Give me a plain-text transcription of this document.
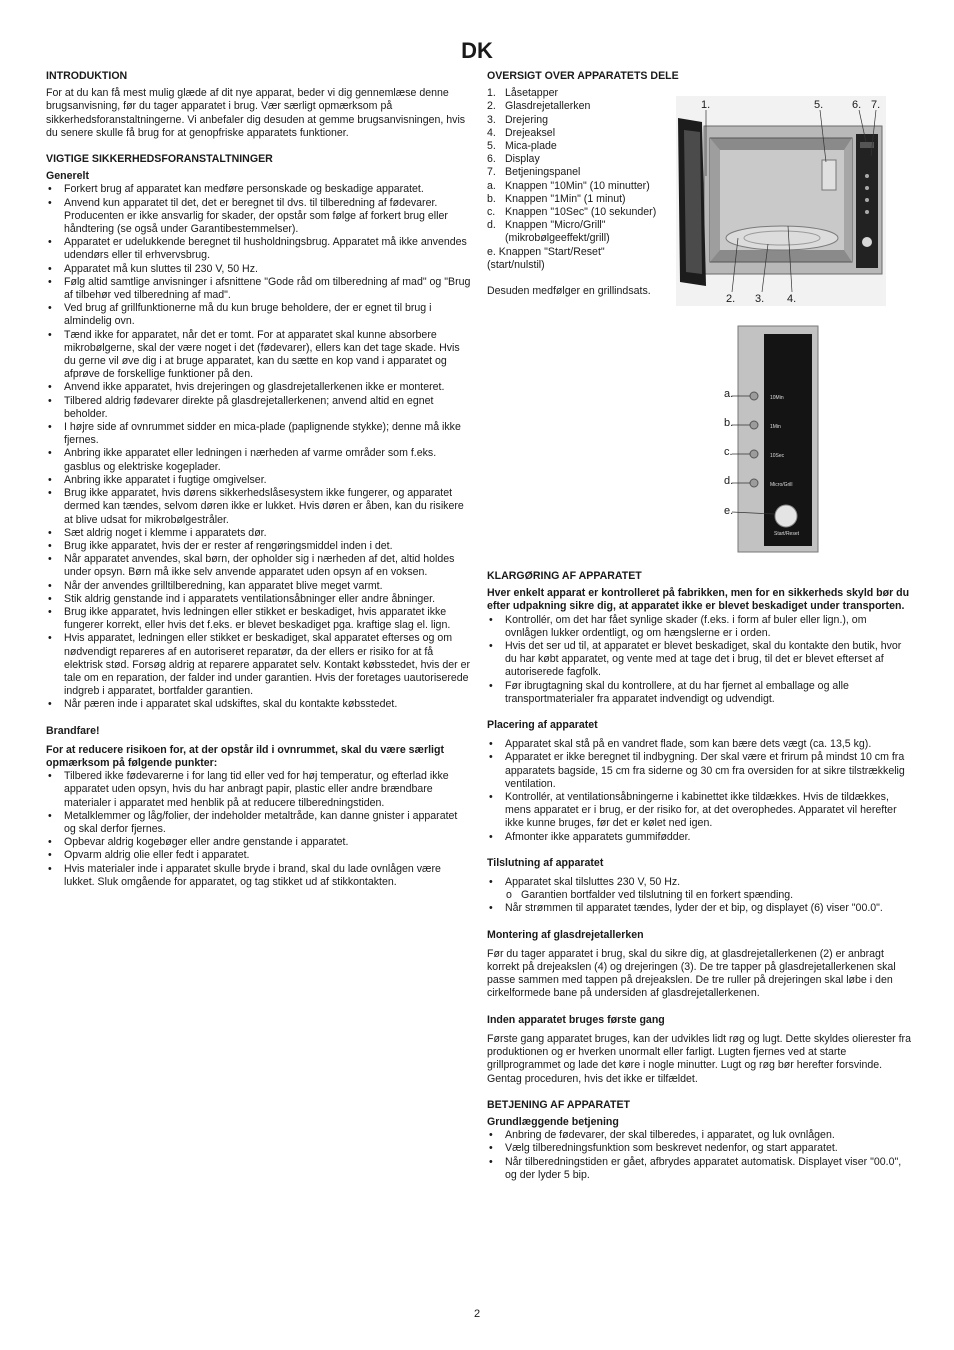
DK
INTRODUKTION

For at du kan få mest mulig glæde af dit nye apparat, beder vi dig gennemlæse denne brugsanvisning, før du tager apparatet i brug. Vær særligt opmærksom på sikkerhedsforanstaltningerne. Vi anbefaler dig desuden at gemme brugsanvisningen, hvis du senere skulle få brug for at genopfriske apparatets funktioner.

VIGTIGE SIKKERHEDSFORANSTALTNINGER
Generelt
• Forkert brug af apparatet kan medføre personskade og beskadige apparatet.
• Anvend kun apparatet til det, det er beregnet til dvs. til tilberedning af fødevarer. Producenten er ikke ansvarlig for skader, der opstår som følge af forkert brug eller håndtering (se også under Garantibestemmelser).
• Apparatet er udelukkende beregnet til husholdningsbrug. Apparatet må ikke anvendes udendørs eller til erhvervsbrug.
• Apparatet må kun sluttes til 230 V, 50 Hz.
• Følg altid samtlige anvisninger i afsnittene "Gode råd om tilberedning af mad" og "Brug af tilbehør ved tilberedning af mad".
• Ved brug af grillfunktionerne må du kun bruge beholdere, der er egnet til brug i almindelig ovn.
• Tænd ikke for apparatet, når det er tomt. For at apparatet skal kunne absorbere mikrobølgerne, skal der være noget i det (fødevarer), ellers kan det tage skade. Hvis du gerne vil øve dig i at bruge apparatet, kan du sætte en kop vand i apparatet og afprøve de forskellige funktioner på den.
• Anvend ikke apparatet, hvis drejeringen og glasdrejetallerkenen ikke er monteret.
• Tilbered aldrig fødevarer direkte på glasdrejetallerkenen; anvend altid en egnet beholder.
• I højre side af ovnrummet sidder en mica-plade (paplignende stykke); denne må ikke fjernes.
• Anbring ikke apparatet eller ledningen i nærheden af varme områder som f.eks. gasblus og elektriske kogeplader.
• Anbring ikke apparatet i fugtige omgivelser.
• Brug ikke apparatet, hvis dørens sikkerhedslåsesystem ikke fungerer, og apparatet dermed kan tændes, selvom døren ikke er lukket. Hvis døren er åben, kan du risikere at blive udsat for mikrobølgestråler.
• Sæt aldrig noget i klemme i apparatets dør.
• Brug ikke apparatet, hvis der er rester af rengøringsmiddel inden i det.
• Når apparatet anvendes, skal børn, der opholder sig i nærheden af det, altid holdes under opsyn. Børn må ikke selv anvende apparatet uden opsyn af en voksen.
• Når der anvendes grilltilberedning, kan apparatet blive meget varmt.
• Stik aldrig genstande ind i apparatets ventilationsåbninger eller andre åbninger.
• Brug ikke apparatet, hvis ledningen eller stikket er beskadiget, hvis apparatet ikke fungerer korrekt, eller hvis det f.eks. er blevet beskadiget pga. kraftige slag el. lign.
• Hvis apparatet, ledningen eller stikket er beskadiget, skal apparatet efterses og om nødvendigt repareres af en autoriseret reparatør, da der ellers er risiko for at få elektrisk stød. Forsøg aldrig at reparere apparatet selv. Kontakt købsstedet, hvis der er tale om en reparation, der falder ind under garantien. Hvis der foretages uautoriserede indgreb i apparatet, bortfalder garantien.
• Når pæren inde i apparatet skal udskiftes, skal du kontakte købsstedet.
Brandfare!

For at reducere risikoen for, at der opstår ild i ovnrummet, skal du være særligt opmærksom på følgende punkter:

• Tilbered ikke fødevarerne i for lang tid eller ved for høj temperatur, og efterlad ikke apparatet uden opsyn, hvis du har anbragt papir, plastic eller andre brændbare materialer i apparatet med henblik på at reducere tilberedningstiden.
• Metalklemmer og låg/folier, der indeholder metaltråde, kan danne gnister i apparatet og skal derfor fjernes.
• Opbevar aldrig kogebøger eller andre genstande i apparatet.
• Opvarm aldrig olie eller fedt i apparatet.
• Hvis materialer inde i apparatet skulle bryde i brand, skal du lade ovnlågen være lukket. Sluk omgående for apparatet, og tag stikket ud af stikkontakten.
OVERSIGT OVER APPARATETS DELE
1. Låsetapper
2. Glasdrejetallerken
3. Drejering
4. Drejeaksel
5. Mica-plade
6. Display
7. Betjeningspanel
a. Knappen "10Min" (10 minutter)
b. Knappen "1Min" (1 minut)
c. Knappen "10Sec" (10 sekunder)
d. Knappen "Micro/Grill" (mikrobølgeeffekt/grill)

e. Knappen "Start/Reset"

(start/nulstil)

Desuden medfølger en grillindsats.

1.	5.	6. 7.
2. 3. 4.
a.
b.
c.
d.
e.
10Min
1Min
10Sec
Micro/Grill
Start/Reset
KLARGØRING AF APPARATET

Hver enkelt apparat er kontrolleret på fabrikken, men for en sikkerheds skyld bør du efter udpakning sikre dig, at apparatet ikke er blevet beskadiget under transporten.

• Kontrollér, om det har fået synlige skader (f.eks. i form af buler eller lign.), om ovnlågen lukker ordentligt, og om hængslerne er i orden.
• Hvis det ser ud til, at apparatet er blevet beskadiget, skal du kontakte den butik, hvor du har købt apparatet, og vente med at tage det i brug, til det er blevet efterset af autoriserede fagfolk.
• Før ibrugtagning skal du kontrollere, at du har fjernet al emballage og alle transportmaterialer fra apparatet indvendigt og udvendigt.
Placering af apparatet
• Apparatet skal stå på en vandret flade, som kan bære dets vægt (ca. 13,5 kg).
• Apparatet er ikke beregnet til indbygning. Der skal være et frirum på mindst 10 cm fra apparatets bagside, 15 cm fra siderne og 30 cm fra oversiden for at sikre tilstrækkelig ventilation.
• Kontrollér, at ventilationsåbningerne i kabinettet ikke tildækkes. Hvis de tildækkes, mens apparatet er i brug, er der risiko for, at det overophedes. Apparatet vil herefter ikke kunne bruges, før det er kølet ned igen.
• Afmonter ikke apparatets gummifødder.
Tilslutning af apparatet
• Apparatet skal tilsluttes 230 V, 50 Hz.
o Garantien bortfalder ved tilslutning til en forkert spænding.
• Når strømmen til apparatet tændes, lyder der et bip, og displayet (6) viser "00.0".
Montering af glasdrejetallerken

Før du tager apparatet i brug, skal du sikre dig, at glasdrejetallerkenen (2) er anbragt korrekt på drejeakslen (4) og drejeringen (3). De tre tapper på glasdrejetallerkenen skal passe sammen med tappen på drejeakslen. De tre ruller på drejeringen skal løbe i den cirkelformede bane på undersiden af glasdrejetallerkenen.

Inden apparatet bruges første gang

Første gang apparatet bruges, kan der udvikles lidt røg og lugt. Dette skyldes olierester fra produktionen og er hverken unormalt eller farligt. Lugten fjernes ved at starte grillprogrammet og lade det køre i nogle minutter. Lugt og røg bør herefter forsvinde. Gentag proceduren, hvis det ikke er tilfældet.

BETJENING AF APPARATET
Grundlæggende betjening
• Anbring de fødevarer, der skal tilberedes, i apparatet, og luk ovnlågen.
• Vælg tilberedningsfunktion som beskrevet nedenfor, og start apparatet.
• Når tilberedningstiden er gået, afbrydes apparatet automatisk. Displayet viser "00.0", og der lyder 5 bip.
2
